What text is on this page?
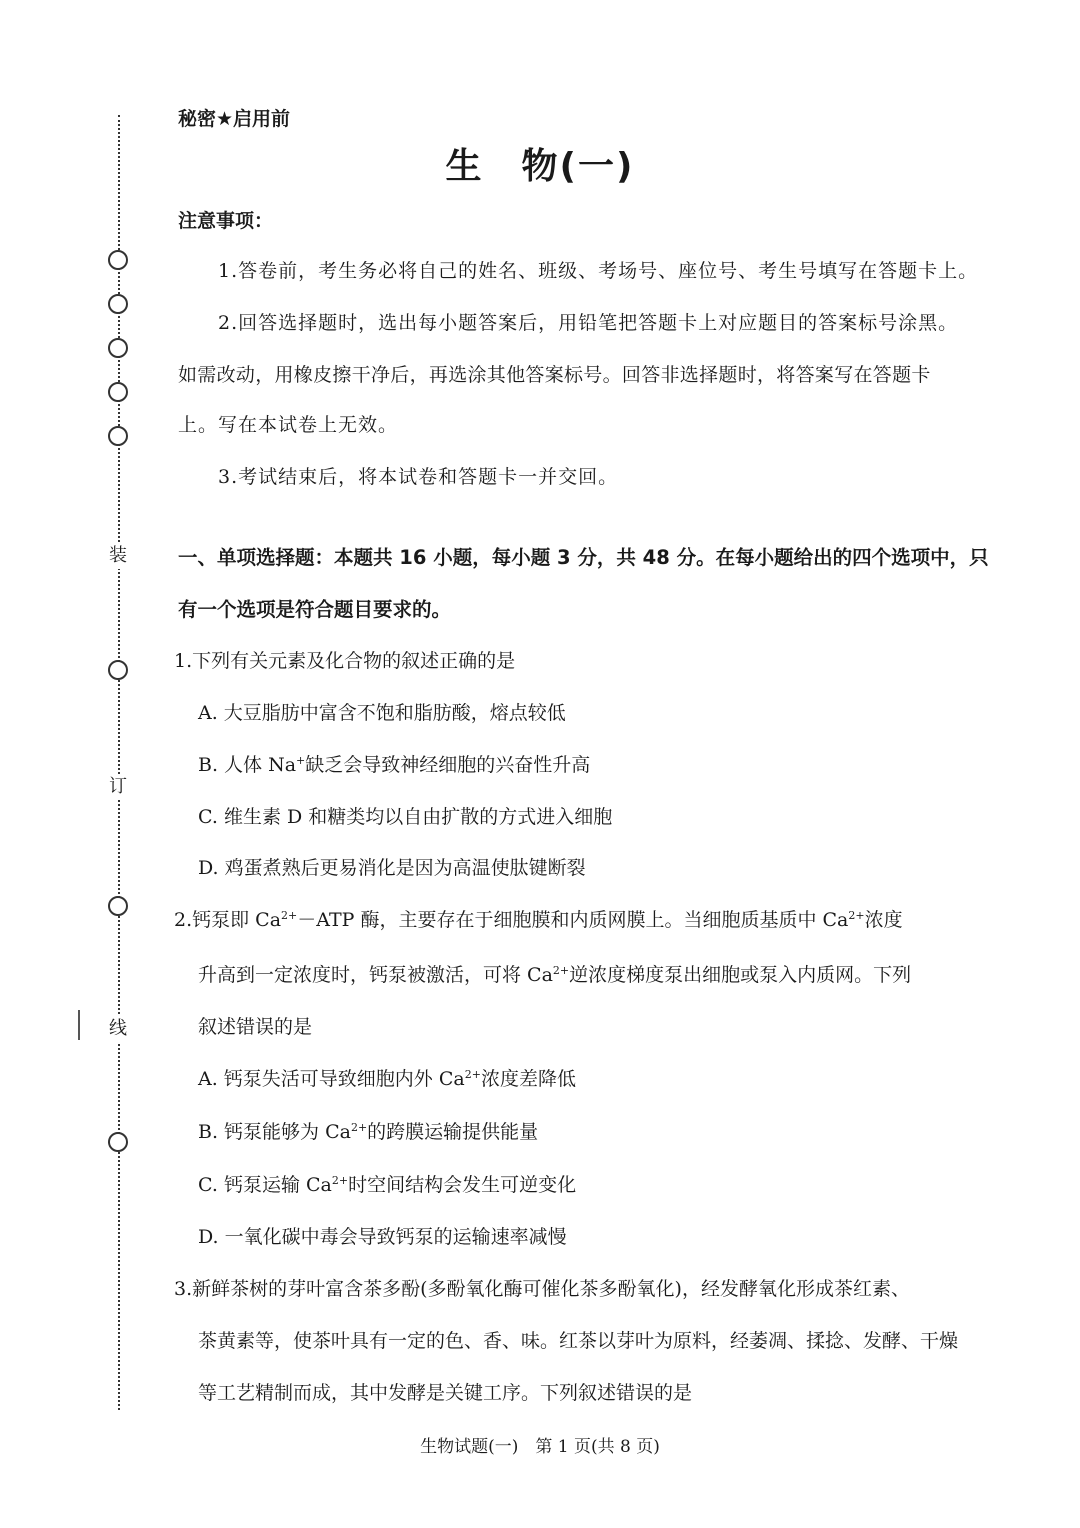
装
订
线
秘密★启用前
生 物(一)
注意事项：
1.答卷前，考生务必将自己的姓名、班级、考场号、座位号、考生号填写在答题卡上。
2.回答选择题时，选出每小题答案后，用铅笔把答题卡上对应题目的答案标号涂黑。
如需改动，用橡皮擦干净后，再选涂其他答案标号。回答非选择题时，将答案写在答题卡
上。写在本试卷上无效。
3.考试结束后，将本试卷和答题卡一并交回。
一、单项选择题：本题共 16 小题，每小题 3 分，共 48 分。在每小题给出的四个选项中，只
有一个选项是符合题目要求的。
1.下列有关元素及化合物的叙述正确的是
A. 大豆脂肪中富含不饱和脂肪酸，熔点较低
B. 人体 Na+缺乏会导致神经细胞的兴奋性升高
C. 维生素 D 和糖类均以自由扩散的方式进入细胞
D. 鸡蛋煮熟后更易消化是因为高温使肽键断裂
2.钙泵即 $Ca^{2+}-ATP$ 酶，主要存在于细胞膜和内质网膜上。当细胞质基质中 $Ca^{2+}$浓度
升高到一定浓度时，钙泵被激活，可将 $Ca^{2+}$逆浓度梯度泵出细胞或泵入内质网。下列
叙述错误的是
A. 钙泵失活可导致细胞内外 $Ca^{2+}$浓度差降低
B. 钙泵能够为 $Ca^{2+}$的跨膜运输提供能量
C. 钙泵运输 $Ca^{2+}$时空间结构会发生可逆变化
D. 一氧化碳中毒会导致钙泵的运输速率减慢
3.新鲜茶树的芽叶富含茶多酚(多酚氧化酶可催化茶多酚氧化)，经发酵氧化形成茶红素、
茶黄素等，使茶叶具有一定的色、香、味。红茶以芽叶为原料，经萎凋、揉捻、发酵、干燥
等工艺精制而成，其中发酵是关键工序。下列叙述错误的是
生物试题(一)　第 1 页(共 8 页)
